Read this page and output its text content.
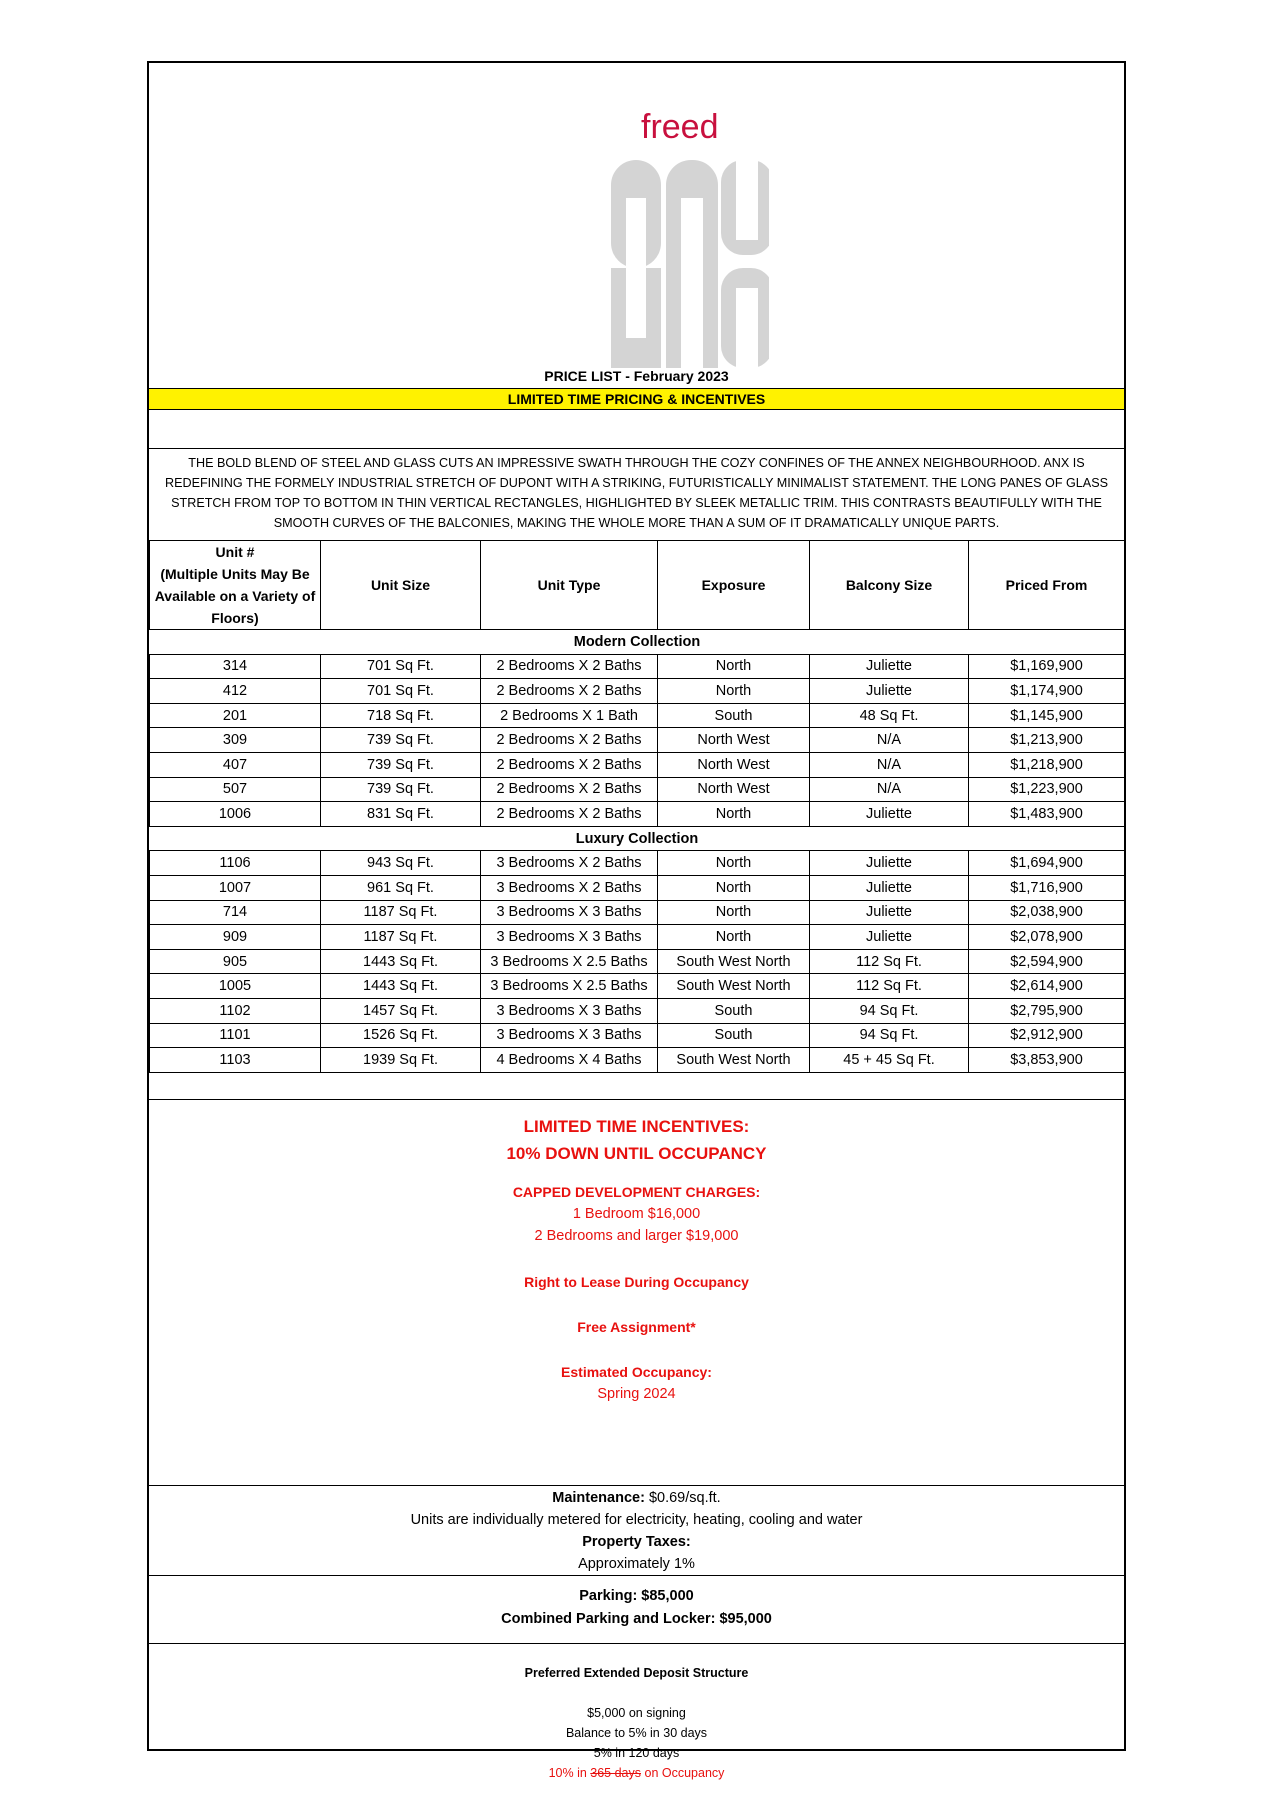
freed
PRICE LIST - February 2023
LIMITED TIME PRICING & INCENTIVES
THE BOLD BLEND OF STEEL AND GLASS CUTS AN IMPRESSIVE SWATH THROUGH THE COZY CONFINES OF THE ANNEX NEIGHBOURHOOD. ANX IS REDEFINING THE FORMELY INDUSTRIAL STRETCH OF DUPONT WITH A STRIKING, FUTURISTICALLY MINIMALIST STATEMENT. THE LONG PANES OF GLASS STRETCH FROM TOP TO BOTTOM IN THIN VERTICAL RECTANGLES, HIGHLIGHTED BY SLEEK METALLIC TRIM. THIS CONTRASTS BEAUTIFULLY WITH THE SMOOTH CURVES OF THE BALCONIES, MAKING THE WHOLE MORE THAN A SUM OF IT DRAMATICALLY UNIQUE PARTS.
Unit #
(Multiple Units May Be Available on a Variety of Floors)	Unit Size	Unit Type	Exposure	Balcony Size	Priced From
Modern Collection					
314	701 Sq Ft.	2 Bedrooms X 2 Baths	North	Juliette	$1,169,900
412	701 Sq Ft.	2 Bedrooms X 2 Baths	North	Juliette	$1,174,900
201	718 Sq Ft.	2 Bedrooms X 1 Bath	South	48 Sq Ft.	$1,145,900
309	739 Sq Ft.	2 Bedrooms X 2 Baths	North West	N/A	$1,213,900
407	739 Sq Ft.	2 Bedrooms X 2 Baths	North West	N/A	$1,218,900
507	739 Sq Ft.	2 Bedrooms X 2 Baths	North West	N/A	$1,223,900
1006	831 Sq Ft.	2 Bedrooms X 2 Baths	North	Juliette	$1,483,900
Luxury Collection					
1106	943 Sq Ft.	3 Bedrooms X 2 Baths	North	Juliette	$1,694,900
1007	961 Sq Ft.	3 Bedrooms X 2 Baths	North	Juliette	$1,716,900
714	1187 Sq Ft.	3 Bedrooms X 3 Baths	North	Juliette	$2,038,900
909	1187 Sq Ft.	3 Bedrooms X 3 Baths	North	Juliette	$2,078,900
905	1443 Sq Ft.	3 Bedrooms X 2.5 Baths	South West North	112 Sq Ft.	$2,594,900
1005	1443 Sq Ft.	3 Bedrooms X 2.5 Baths	South West North	112 Sq Ft.	$2,614,900
1102	1457 Sq Ft.	3 Bedrooms X 3 Baths	South	94 Sq Ft.	$2,795,900
1101	1526 Sq Ft.	3 Bedrooms X 3 Baths	South	94 Sq Ft.	$2,912,900
1103	1939 Sq Ft.	4 Bedrooms X 4 Baths	South West North	45 + 45 Sq Ft.	$3,853,900
LIMITED TIME INCENTIVES:
10% DOWN UNTIL OCCUPANCY
CAPPED DEVELOPMENT CHARGES:
1 Bedroom $16,000
2 Bedrooms and larger $19,000
Right to Lease During Occupancy
Free Assignment*
Estimated Occupancy:
Spring 2024
Maintenance: $0.69/sq.ft.
Units are individually metered for electricity, heating, cooling and water
Property Taxes:
Approximately 1%
Parking: $85,000
Combined Parking and Locker: $95,000
Preferred Extended Deposit Structure
$5,000 on signing
Balance to 5% in 30 days
5% in 120 days
10% in 365 days on Occupancy
